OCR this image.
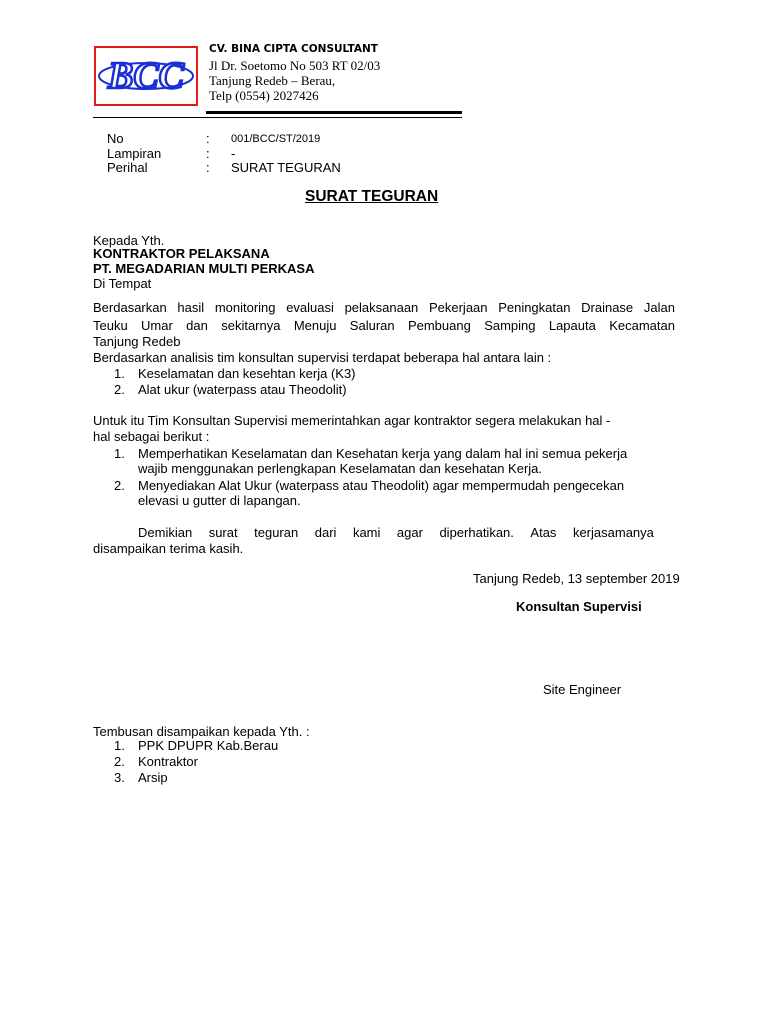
BCC
CV. BINA CIPTA CONSULTANT
Jl Dr. Soetomo No 503 RT 02/03
Tanjung Redeb – Berau,
Telp (0554) 2027426
No	: 001/BCC/ST/2019
Lampiran	: -
Perihal	: SURAT TEGURAN
SURAT TEGURAN
Kepada Yth.
KONTRAKTOR PELAKSANA
PT. MEGADARIAN MULTI PERKASA
Di Tempat
Berdasarkan hasil monitoring evaluasi pelaksanaan Pekerjaan Peningkatan Drainase Jalan
Teuku Umar dan sekitarnya Menuju Saluran Pembuang Samping Lapauta Kecamatan
Tanjung Redeb
Berdasarkan analisis tim konsultan supervisi terdapat beberapa hal antara lain :
1. Keselamatan dan kesehtan kerja (K3)
2. Alat ukur (waterpass atau Theodolit)
Untuk itu Tim Konsultan Supervisi memerintahkan agar kontraktor segera melakukan hal -
hal sebagai berikut :
1. Memperhatikan Keselamatan dan Kesehatan kerja yang dalam hal ini semua pekerja
wajib menggunakan perlengkapan Keselamatan dan kesehatan Kerja.
2. Menyediakan Alat Ukur (waterpass atau Theodolit) agar mempermudah pengecekan
elevasi u gutter di lapangan.
Demikian surat teguran dari kami agar diperhatikan. Atas kerjasamanya
disampaikan terima kasih.
Tanjung Redeb, 13 september 2019
Konsultan Supervisi
Site Engineer
Tembusan disampaikan kepada Yth. :
1. PPK DPUPR Kab.Berau
2. Kontraktor
3. Arsip
